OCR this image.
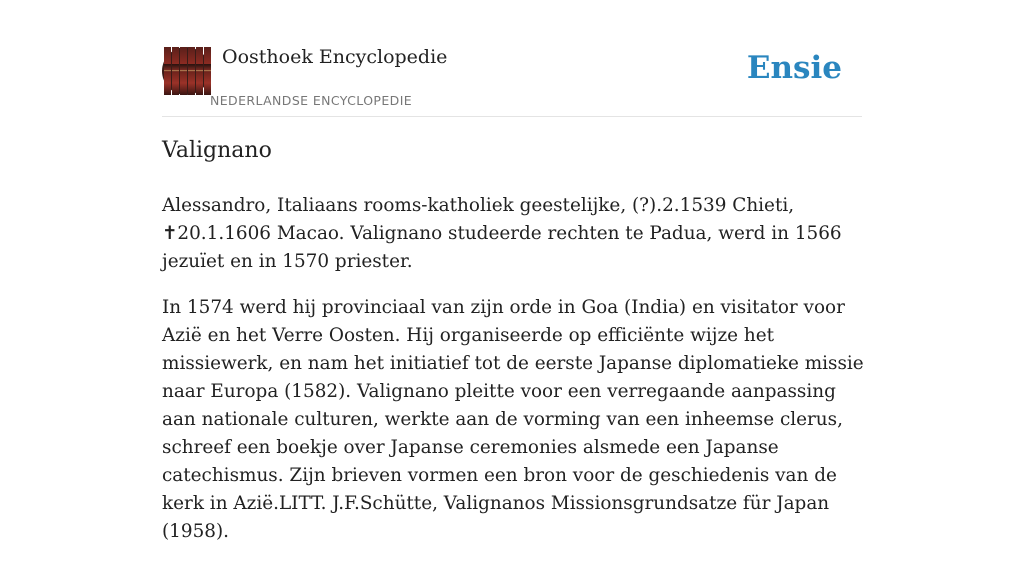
Oosthoek Encyclopedie
NEDERLANDSE ENCYCLOPEDIE
Ensie
Valignano

Alessandro, Italiaans rooms-katholiek geestelijke, (?).2.1539 Chieti, ✝20.1.1606 Macao. Valignano studeerde rechten te Padua, werd in 1566 jezuïet en in 1570 priester.

In 1574 werd hij provinciaal van zijn orde in Goa (India) en visitator voor Azië en het Verre Oosten. Hij organiseerde op efficiënte wijze het missiewerk, en nam het initiatief tot de eerste Japanse diplomatieke missie naar Europa (1582). Valignano pleitte voor een verregaande aanpassing aan nationale culturen, werkte aan de vorming van een inheemse clerus, schreef een boekje over Japanse ceremonies alsmede een Japanse catechismus. Zijn brieven vormen een bron voor de geschiedenis van de kerk in Azië.LITT. J.F.Schütte, Valignanos Missionsgrundsatze für Japan (1958).
